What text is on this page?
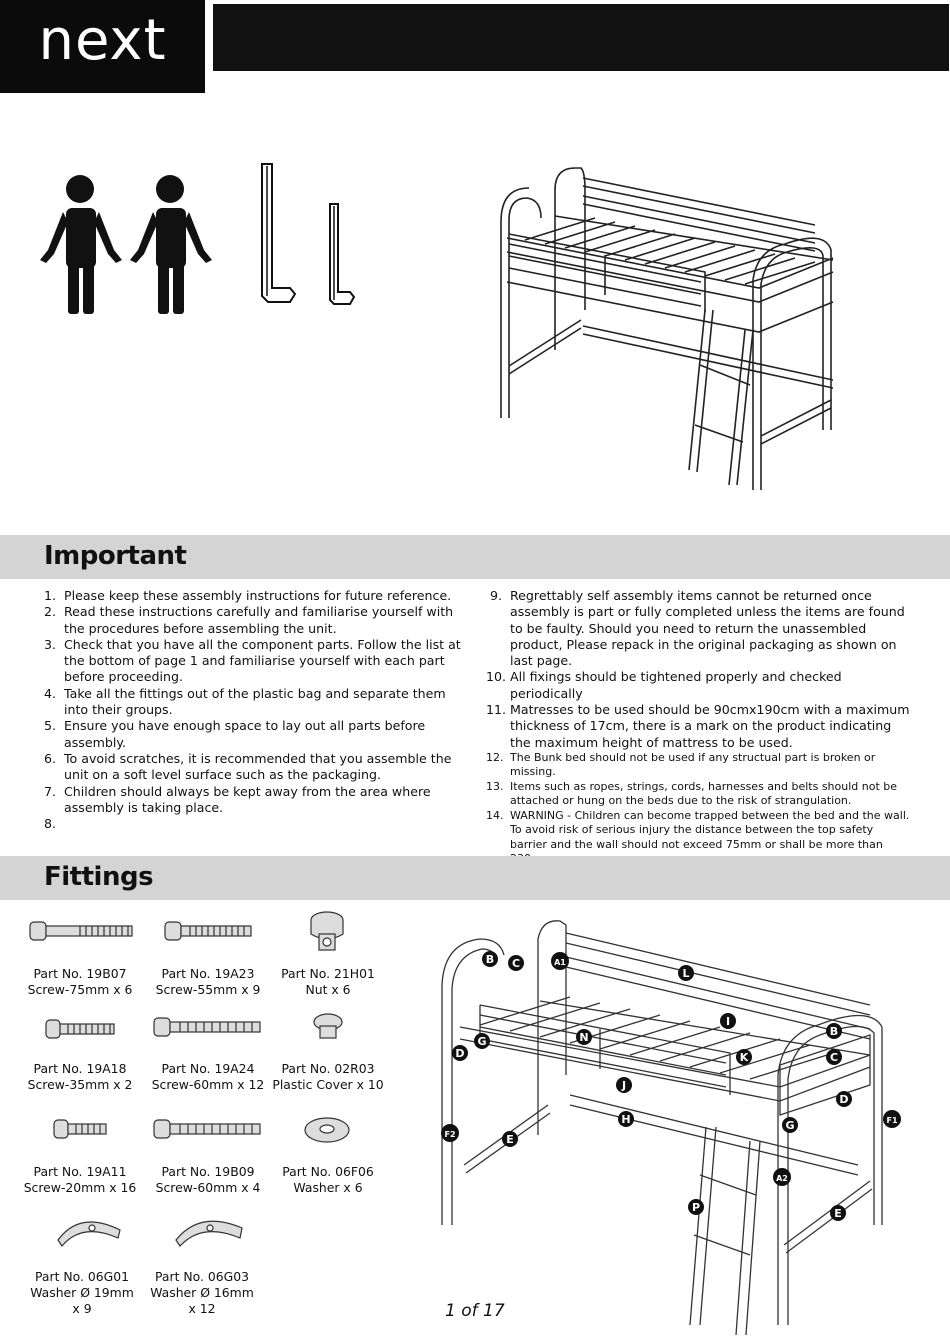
next
Important
1. Please keep these assembly instructions for future reference.
2. Read these instructions carefully and familiarise yourself with the procedures before assembling the unit.
3. Check that you have all the component parts. Follow the list at the bottom of page 1 and familiarise yourself with each part before proceeding.
4. Take all the fittings out of the plastic bag and separate them into their groups.
5. Ensure you have enough space to lay out all parts before assembly.
6. To avoid scratches, it is recommended that you assemble the unit on a soft level surface such as the packaging.
7. Children should always be kept away from the area where assembly is taking place.
8.
9. Regrettably self assembly items cannot be returned once assembly is part or fully completed unless the items are found to be faulty. Should you need to return the unassembled product, Please repack in the original packaging as shown on last page.
10. All fixings should be tightened properly and checked periodically
11. Matresses to be used should be 90cmx190cm with a maximum thickness of 17cm, there is a mark on the product indicating the maximum height of mattress to be used.
12. The Bunk bed should not be used if any structual part is broken or missing.
13. Items such as ropes, strings, cords, harnesses and belts should not be attached or hung on the beds due to the risk of strangulation.
14. WARNING - Children can become trapped between the bed and the wall. To avoid risk of serious injury the distance between the top safety barrier and the wall should not exceed 75mm or shall be more than
Fittings
Part No. 19B07
Screw-75mm x 6
Part No. 19A23
Screw-55mm x 9
Part No. 21H01
Nut x 6
Part No. 19A18
Screw-35mm x 2
Part No. 19A24
Screw-60mm x 12
Part No. 02R03
Plastic Cover x 10
Part No. 19A11
Screw-20mm x 16
Part No. 19B09
Screw-60mm x 4
Part No. 06F06
Washer x 6
Part No. 06G01
Washer Ø 19mm
x 9
Part No. 06G03
Washer Ø 16mm
x 12
B C	A1
L
I
B
N
G
D	K	C
J
D
H	F1
F2	E
G
A2
P	E
1 of 17
